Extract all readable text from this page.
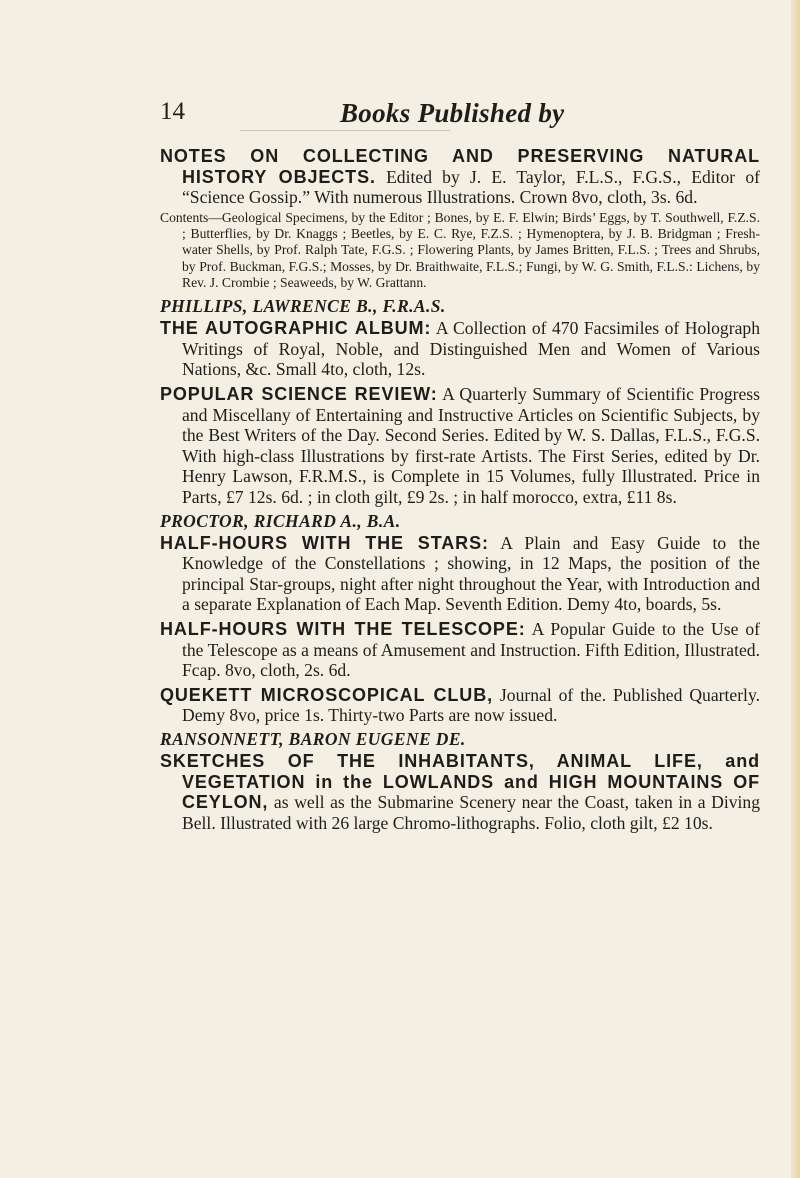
14	Books Published by

NOTES ON COLLECTING AND PRESERVING NATURAL HISTORY OBJECTS. Edited by J. E. Taylor, F.L.S., F.G.S., Editor of “Science Gossip.” With numerous Illustrations. Crown 8vo, cloth, 3s. 6d.

Contents—Geological Specimens, by the Editor ; Bones, by E. F. Elwin; Birds’ Eggs, by T. Southwell, F.Z.S. ; Butterflies, by Dr. Knaggs ; Beetles, by E. C. Rye, F.Z.S. ; Hymenoptera, by J. B. Bridgman ; Fresh-water Shells, by Prof. Ralph Tate, F.G.S. ; Flowering Plants, by James Britten, F.L.S. ; Trees and Shrubs, by Prof. Buckman, F.G.S.; Mosses, by Dr. Braithwaite, F.L.S.; Fungi, by W. G. Smith, F.L.S.: Lichens, by Rev. J. Crombie ; Seaweeds, by W. Grattann.

PHILLIPS, LAWRENCE B., F.R.A.S.

THE AUTOGRAPHIC ALBUM: A Collection of 470 Facsimiles of Holograph Writings of Royal, Noble, and Distinguished Men and Women of Various Nations, &c. Small 4to, cloth, 12s.

POPULAR SCIENCE REVIEW: A Quarterly Summary of Scientific Progress and Miscellany of Entertaining and Instructive Articles on Scientific Subjects, by the Best Writers of the Day. Second Series. Edited by W. S. Dallas, F.L.S., F.G.S. With high-class Illustrations by first-rate Artists. The First Series, edited by Dr. Henry Lawson, F.R.M.S., is Complete in 15 Volumes, fully Illustrated. Price in Parts, £7 12s. 6d. ; in cloth gilt, £9 2s. ; in half morocco, extra, £11 8s.

PROCTOR, RICHARD A., B.A.

HALF-HOURS WITH THE STARS: A Plain and Easy Guide to the Knowledge of the Constellations ; showing, in 12 Maps, the position of the principal Star-groups, night after night throughout the Year, with Introduction and a separate Explanation of Each Map. Seventh Edition. Demy 4to, boards, 5s.

HALF-HOURS WITH THE TELESCOPE: A Popular Guide to the Use of the Telescope as a means of Amusement and Instruction. Fifth Edition, Illustrated. Fcap. 8vo, cloth, 2s. 6d.

QUEKETT MICROSCOPICAL CLUB, Journal of the. Published Quarterly. Demy 8vo, price 1s. Thirty-two Parts are now issued.

RANSONNETT, BARON EUGENE DE.

SKETCHES OF THE INHABITANTS, ANIMAL LIFE, and VEGETATION in the LOWLANDS and HIGH MOUNTAINS OF CEYLON, as well as the Submarine Scenery near the Coast, taken in a Diving Bell. Illustrated with 26 large Chromo-lithographs. Folio, cloth gilt, £2 10s.
